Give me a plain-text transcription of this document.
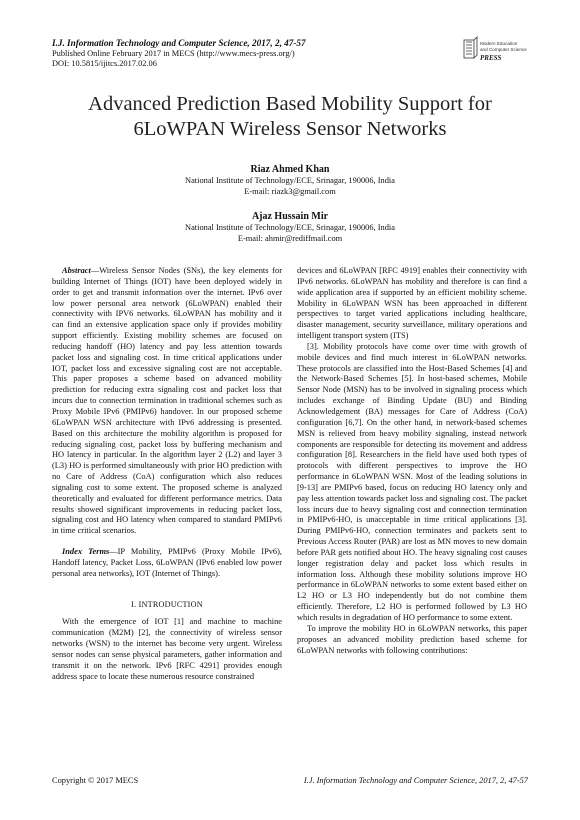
I.J. Information Technology and Computer Science, 2017, 2, 47-57
Published Online February 2017 in MECS (http://www.mecs-press.org/)
DOI: 10.5815/ijitcs.2017.02.06
Modern Education
and Computer Science
PRESS
Advanced Prediction Based Mobility Support for
6LoWPAN Wireless Sensor Networks
Riaz Ahmed Khan
National Institute of Technology/ECE, Srinagar, 190006, India
E-mail: riazk3@gmail.com
Ajaz Hussain Mir
National Institute of Technology/ECE, Srinagar, 190006, India
E-mail: ahmir@rediffmail.com

Abstract—Wireless Sensor Nodes (SNs), the key elements for building Internet of Things (IOT) have been deployed widely in order to get and transmit information over the internet. IPv6 over low power personal area network (6LoWPAN) enabled their connectivity with IPV6 networks. 6LoWPAN has mobility and it can find an extensive application space only if provides mobility support efficiently. Existing mobility schemes are focused on reducing handoff (HO) latency and pay less attention towards packet loss and signaling cost. In time critical applications under IOT, packet loss and excessive signaling cost are not acceptable. This paper proposes a scheme based on advanced mobility prediction for reducing extra signaling cost and packet loss that incurs due to connection termination in traditional schemes such as Proxy Mobile IPv6 (PMIPv6) handover. In our proposed scheme 6LoWPAN WSN architecture with IPv6 addressing is presented. Based on this architecture the mobility algorithm is proposed for reducing signaling cost, packet loss by buffering mechanism and HO latency in particular. In the algorithm layer 2 (L2) and layer 3 (L3) HO is performed simultaneously with prior HO prediction with no Care of Address (CoA) configuration which also reduces signaling cost to some extent. The proposed scheme is analyzed theoretically and evaluated for different performance metrics. Data results showed significant improvements in reducing packet loss, signaling cost and HO latency when compared to standard PMIPv6 in time critical scenarios.

Index Terms—IP Mobility, PMIPv6 (Proxy Mobile IPv6), Handoff latency, Packet Loss, 6LoWPAN (IPv6 enabled low power personal area networks), IOT (Internet of Things).

I. INTRODUCTION

With the emergence of IOT [1] and machine to machine communication (M2M) [2], the connectivity of wireless sensor networks (WSN) to the internet has become very urgent. Wireless sensor nodes can sense physical parameters, gather information and transmit it on the network. IPv6 [RFC 4291] provides enough address space to locate these numerous resource constrained

devices and 6LoWPAN [RFC 4919] enables their connectivity with IPv6 networks. 6LoWPAN has mobility and therefore is can find a wide application area if supported by an efficient mobility scheme. Mobility in 6LoWPAN WSN has been approached in different perspectives to target varied applications including healthcare, disaster management, security surveillance, military operations and intelligent transport system (ITS)

[3]. Mobility protocols have come over time with growth of mobile devices and find much interest in 6LoWPAN networks. These protocols are classified into the Host-Based Schemes [4] and the Network-Based Schemes [5]. In host-based schemes, Mobile Sensor Node (MSN) has to be involved in signaling process which includes exchange of Binding Update (BU) and Binding Acknowledgement (BA) messages for Care of Address (CoA) configuration [6,7]. On the other hand, in network-based schemes MSN is relieved from heavy mobility signaling, instead network components are responsible for detecting its movement and address configuration [8]. Researchers in the field have used both types of protocols with different perspectives to improve the HO performance in 6LoWPAN WSN. Most of the leading solutions in [9-13] are PMIPv6 based, focus on reducing HO latency only and pay less attention towards packet loss and signaling cost. The packet loss incurs due to heavy signaling cost and connection termination in PMIPv6-HO, is unacceptable in time critical applications [3]. During PMIPv6-HO, connection terminates and packets sent to Previous Access Router (PAR) are lost as MN moves to new domain before PAR gets notified about HO. The heavy signaling cost causes longer registration delay and packet loss which results in information loss. Although these mobility solutions improve HO performance in 6LoWPAN networks to some extent based either on L2 HO or L3 HO independently but do not combine them efficiently. Therefore, L2 HO is performed followed by L3 HO which results in degradation of HO performance to some extent.

To improve the mobility HO in 6LoWPAN networks, this paper proposes an advanced mobility prediction based scheme for 6LoWPAN networks with following contributions:

Copyright © 2017 MECS	I.J. Information Technology and Computer Science, 2017, 2, 47-57
